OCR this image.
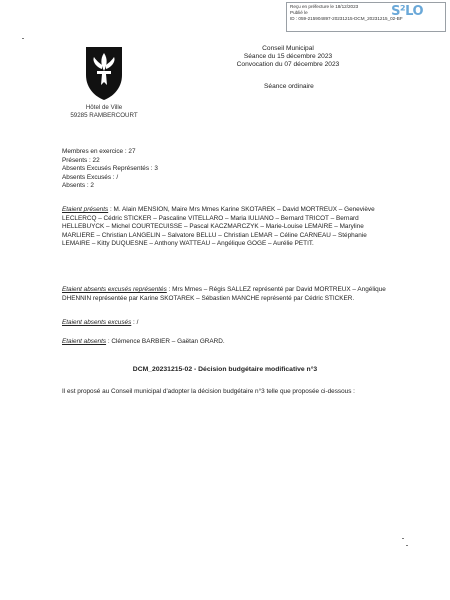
Reçu en préfecture le 18/12/2023
Publié le
ID : 059-215904897-20231215-DCM_20231215_02-BF
S²LO
Hôtel de Ville
59285 RAMBERCOURT
Conseil Municipal
Séance du 15 décembre 2023
Convocation du 07 décembre 2023
Séance ordinaire
Membres en exercice : 27
Présents : 22
Absents Excusés Représentés : 3
Absents Excusés : /
Absents : 2
Etaient présents : M. Alain MENSION, Maire Mrs Mmes Karine SKOTAREK – David MORTREUX – Geneviève LECLERCQ – Cédric STICKER – Pascaline VITELLARO – Maria IULIANO – Bernard TRICOT – Bernard HELLEBUYCK – Michel COURTECUISSE – Pascal KACZMARCZYK – Marie-Louise LEMAIRE – Maryline MARLIERE – Christian LANGELIN – Salvatore BELLU – Christian LEMAR – Céline CARNEAU – Stéphanie LEMAIRE – Kitty DUQUESNE – Anthony WATTEAU – Angélique GOGE – Aurélie PETIT.
Etaient absents excusés représentés : Mrs Mmes – Régis SALLEZ représenté par David MORTREUX – Angélique DHENNIN représentée par Karine SKOTAREK – Sébastien MANCHE représenté par Cédric STICKER.
Etaient absents excusés : /
Etaient absents : Clémence BARBIER – Gaëtan GRARD.
DCM_20231215-02 - Décision budgétaire modificative n°3
Il est proposé au Conseil municipal d'adopter la décision budgétaire n°3 telle que proposée ci-dessous :
